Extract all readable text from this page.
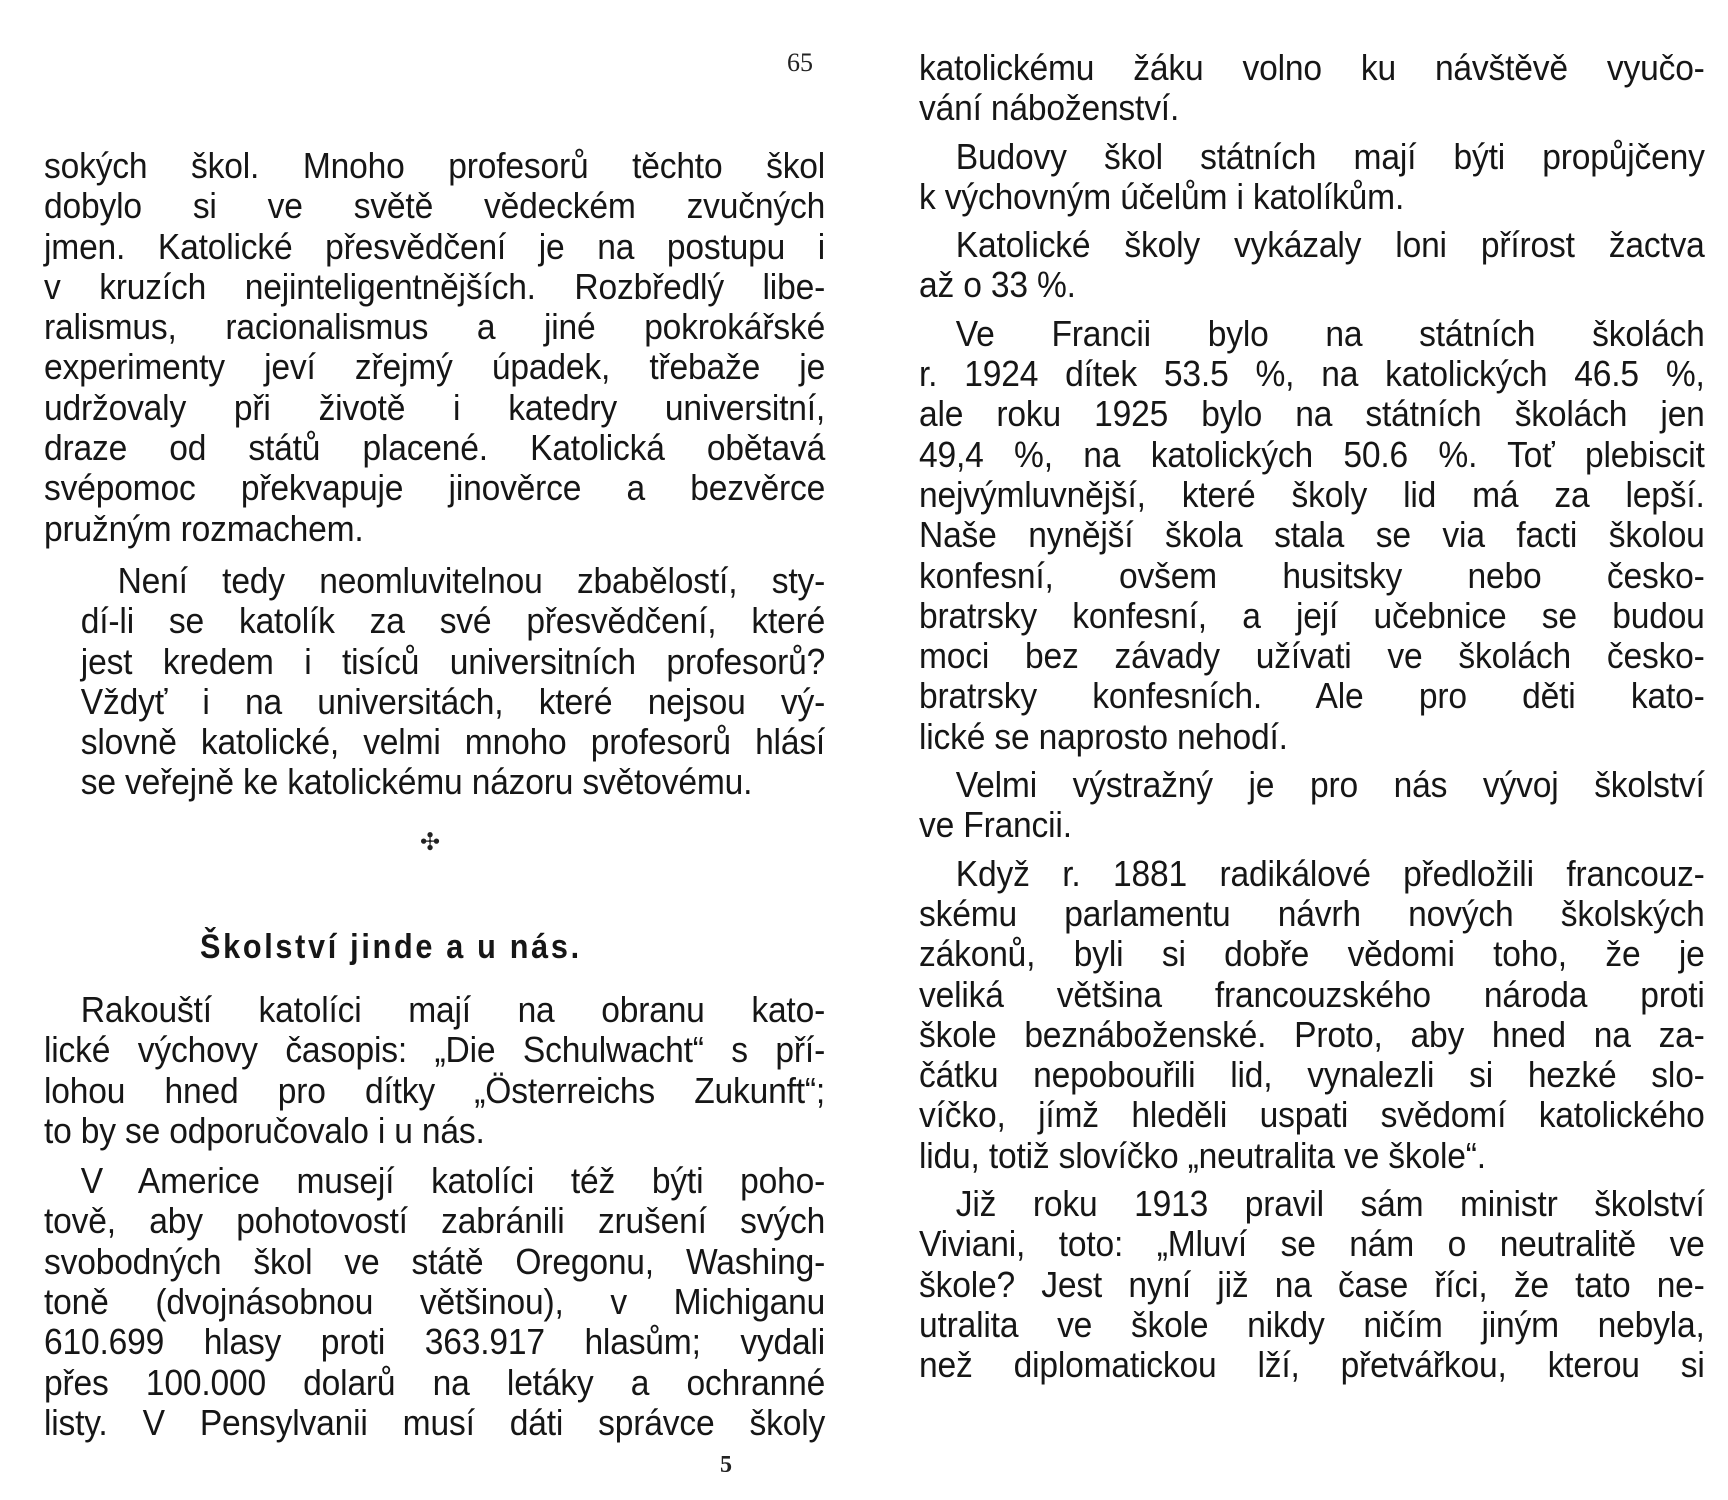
65

sokých škol. Mnoho profesorů těchto škol
dobylo si ve světě vědeckém zvučných
jmen. Katolické přesvědčení je na postupu i
v kruzích nejinteligentnějších. Rozbředlý libe-
ralismus, racionalismus a jiné pokrokářské
experimenty jeví zřejmý úpadek, třebaže je
udržovaly při životě i katedry universitní,
draze od států placené. Katolická obětavá
svépomoc překvapuje jinověrce a bezvěrce
pružným rozmachem.

Není tedy neomluvitelnou zbabělostí, sty-
dí-li se katolík za své přesvědčení, které
jest kredem i tisíců universitních profesorů?
Vždyť i na universitách, které nejsou vý-
slovně katolické, velmi mnoho profesorů hlásí
se veřejně ke katolickému názoru světovému.

✣
Školství jinde a u nás.

Rakouští katolíci mají na obranu kato-
lické výchovy časopis: „Die Schulwacht“ s pří-
lohou hned pro dítky „Österreichs Zukunft“;
to by se odporučovalo i u nás.

V Americe musejí katolíci též býti poho-
tově, aby pohotovostí zabránili zrušení svých
svobodných škol ve státě Oregonu, Washing-
toně (dvojnásobnou většinou), v Michiganu
610.699 hlasy proti 363.917 hlasům; vydali
přes 100.000 dolarů na letáky a ochranné
listy. V Pensylvanii musí dáti správce školy

5

katolickému žáku volno ku návštěvě vyučo-
vání náboženství.

Budovy škol státních mají býti propůjčeny
k výchovným účelům i katolíkům.

Katolické školy vykázaly loni přírost žactva
až o 33 %.

Ve Francii bylo na státních školách
r. 1924 dítek 53.5 %, na katolických 46.5 %,
ale roku 1925 bylo na státních školách jen
49,4 %, na katolických 50.6 %. Toť plebiscit
nejvýmluvnější, které školy lid má za lepší.
Naše nynější škola stala se via facti školou
konfesní, ovšem husitsky nebo česko-
bratrsky konfesní, a její učebnice se budou
moci bez závady užívati ve školách česko-
bratrsky konfesních. Ale pro děti kato-
lické se naprosto nehodí.

Velmi výstražný je pro nás vývoj školství
ve Francii.

Když r. 1881 radikálové předložili francouz-
skému parlamentu návrh nových školských
zákonů, byli si dobře vědomi toho, že je
veliká většina francouzského národa proti
škole beznáboženské. Proto, aby hned na za-
čátku nepobouřili lid, vynalezli si hezké slo-
víčko, jímž hleděli uspati svědomí katolického
lidu, totiž slovíčko „neutralita ve škole“.

Již roku 1913 pravil sám ministr školství
Viviani, toto: „Mluví se nám o neutralitě ve
škole? Jest nyní již na čase říci, že tato ne-
utralita ve škole nikdy ničím jiným nebyla,
než diplomatickou lží, přetvářkou, kterou si
